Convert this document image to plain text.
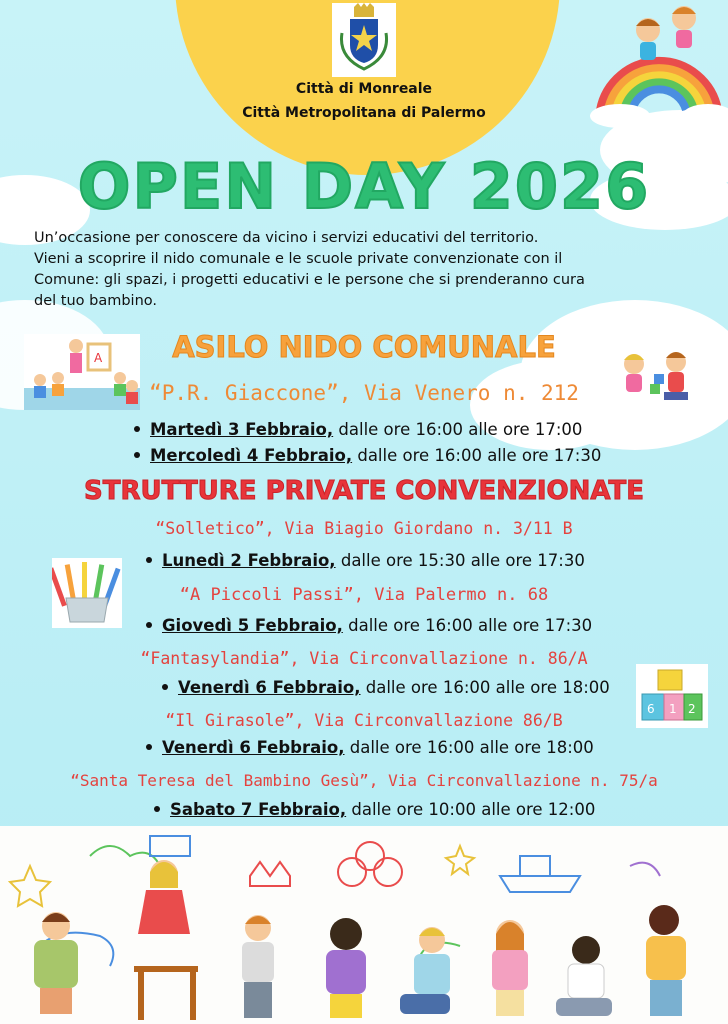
Città di Monreale
Città Metropolitana di Palermo
OPEN DAY 2026
Un’occasione per conoscere da vicino i servizi educativi del territorio.
Vieni a scoprire il nido comunale e le scuole private convenzionate con il
Comune: gli spazi, i progetti educativi e le persone che si prenderanno cura
del tuo bambino.
ASILO NIDO COMUNALE
A
“P.R. Giaccone”, Via Venero n. 212
Martedì 3 Febbraio, dalle ore 16:00 alle ore 17:00
Mercoledì 4 Febbraio, dalle ore 16:00 alle ore 17:30
STRUTTURE PRIVATE CONVENZIONATE
“Solletico”, Via Biagio Giordano n. 3/11 B
Lunedì 2 Febbraio, dalle ore 15:30 alle ore 17:30
“A Piccoli Passi”, Via Palermo n. 68
Giovedì 5 Febbraio, dalle ore 16:00 alle ore 17:30
“Fantasylandia”, Via Circonvallazione n. 86/A
Venerdì 6 Febbraio, dalle ore 16:00 alle ore 18:00
6 1 2
“Il Girasole”, Via Circonvallazione 86/B
Venerdì 6 Febbraio, dalle ore 16:00 alle ore 18:00
“Santa Teresa del Bambino Gesù”, Via Circonvallazione n. 75/a
Sabato 7 Febbraio, dalle ore 10:00 alle ore 12:00
